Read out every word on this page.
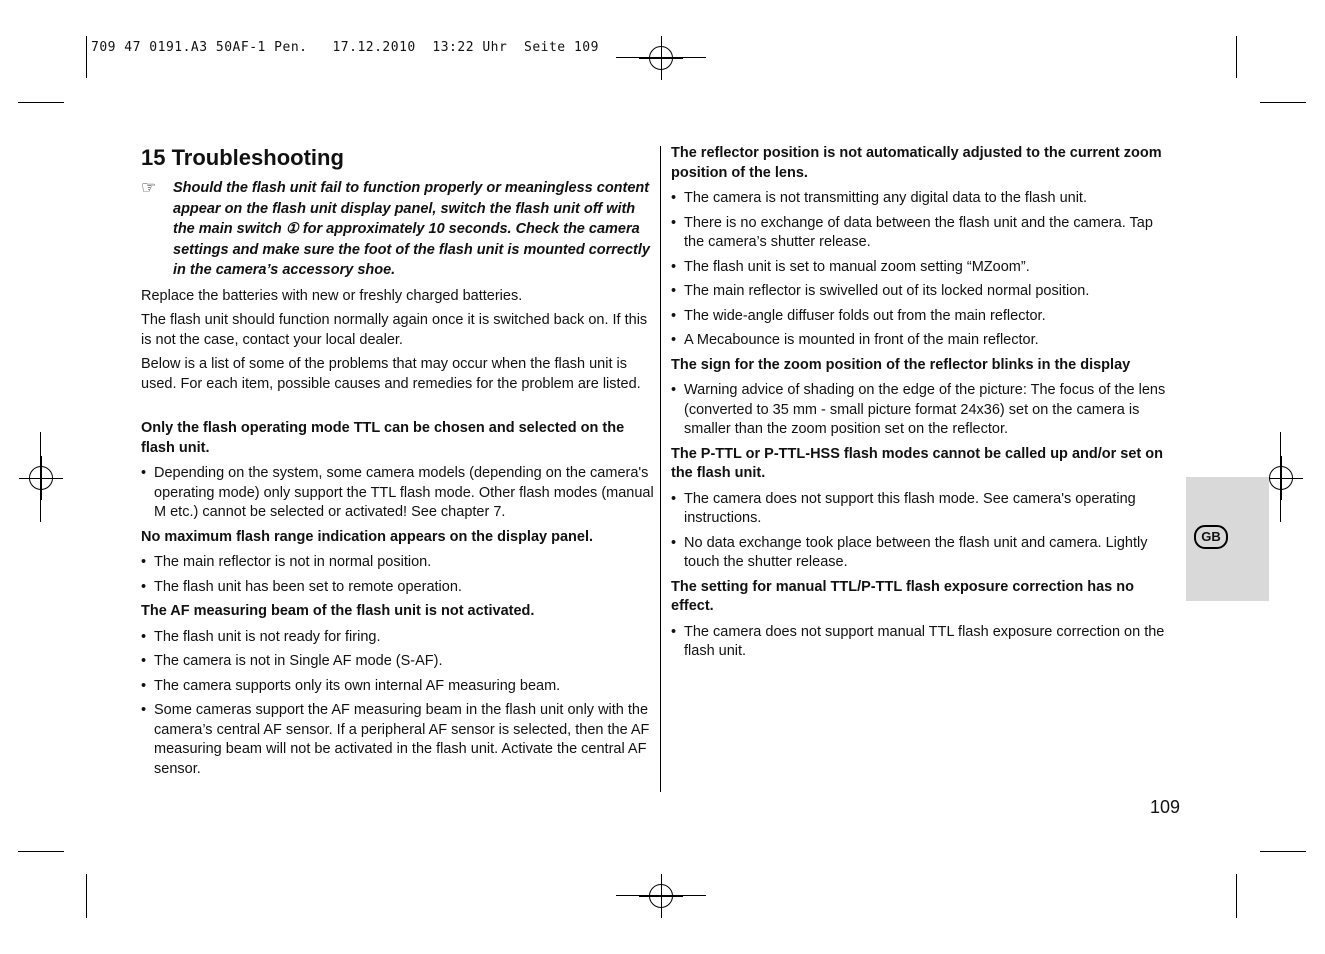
709 47 0191.A3 50AF-1 Pen.   17.12.2010  13:22 Uhr  Seite 109
15 Troubleshooting
☞	Should the flash unit fail to function properly or meaningless content appear on the flash unit display panel, switch the flash unit off with the main switch ① for approximately 10 seconds. Check the camera settings and make sure the foot of the flash unit is mounted correctly in the camera’s accessory shoe.

Replace the batteries with new or freshly charged batteries.

The flash unit should function normally again once it is switched back on. If this is not the case, contact your local dealer.

Below is a list of some of the problems that may occur when the flash unit is used. For each item, possible causes and remedies for the problem are listed.

Only the flash operating mode TTL can be chosen and selected on the flash unit.
• Depending on the system, some camera models (depending on the camera's operating mode) only support the TTL flash mode. Other flash modes (manual M etc.) cannot be selected or activated! See chapter 7.
No maximum flash range indication appears on the display panel.
• The main reflector is not in normal position.
• The flash unit has been set to remote operation.
The AF measuring beam of the flash unit is not activated.
• The flash unit is not ready for firing.
• The camera is not in Single AF mode (S-AF).
• The camera supports only its own internal AF measuring beam.
• Some cameras support the AF measuring beam in the flash unit only with the camera’s central AF sensor. If a peripheral AF sensor is selected, then the AF measuring beam will not be activated in the flash unit. Activate the central AF sensor.
The reflector position is not automatically adjusted to the current zoom position of the lens.
• The camera is not transmitting any digital data to the flash unit.
• There is no exchange of data between the flash unit and the camera. Tap the camera’s shutter release.
• The flash unit is set to manual zoom setting “MZoom”.
• The main reflector is swivelled out of its locked normal position.
• The wide-angle diffuser folds out from the main reflector.
• A Mecabounce is mounted in front of the main reflector.
The sign for the zoom position of the reflector blinks in the display
• Warning advice of shading on the edge of the picture: The focus of the lens (converted to 35 mm - small picture format 24x36) set on the camera is smaller than the zoom position set on the reflector.
The P-TTL or P-TTL-HSS flash modes cannot be called up and/or set on the flash unit.
• The camera does not support this flash mode. See camera's operating instructions.
• No data exchange took place between the flash unit and camera. Lightly touch the shutter release.
The setting for manual TTL/P-TTL flash exposure correction has no effect.
• The camera does not support manual TTL flash exposure correction on the flash unit.
GB
109
